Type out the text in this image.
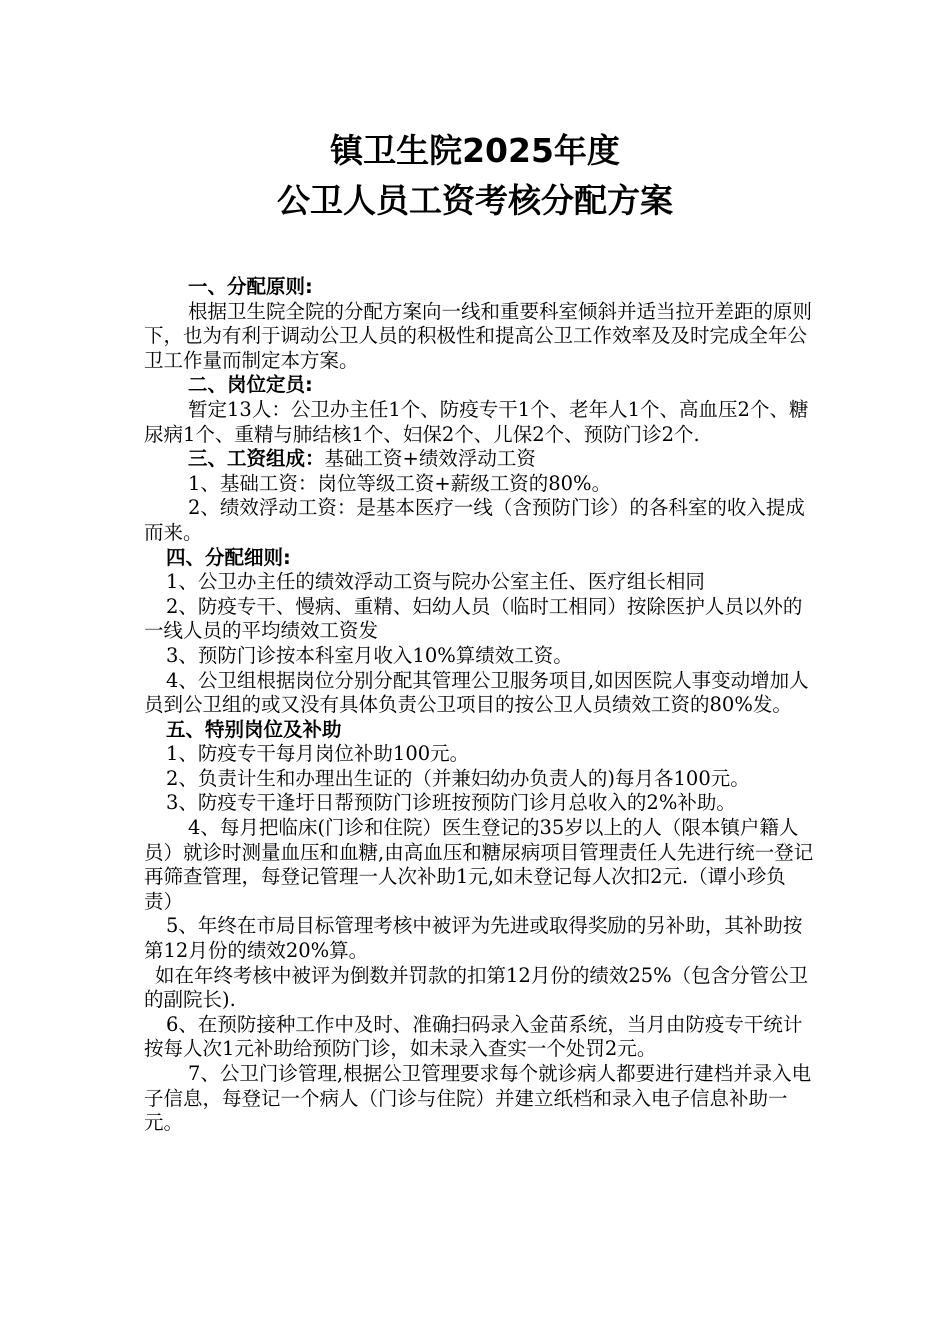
镇卫生院2025年度
公卫人员工资考核分配方案

一、分配原则:

根据卫生院全院的分配方案向一线和重要科室倾斜并适当拉开差距的原则下，也为有利于调动公卫人员的积极性和提高公卫工作效率及及时完成全年公卫工作量而制定本方案。

二、岗位定员:

暂定13人：公卫办主任1个、防疫专干1个、老年人1个、高血压2个、糖尿病1个、重精与肺结核1个、妇保2个、儿保2个、预防门诊2个.

三、工资组成：基础工资+绩效浮动工资

1、基础工资：岗位等级工资+薪级工资的80%。

2、绩效浮动工资：是基本医疗一线（含预防门诊）的各科室的收入提成而来。

四、分配细则:

1、公卫办主任的绩效浮动工资与院办公室主任、医疗组长相同

2、防疫专干、慢病、重精、妇幼人员（临时工相同）按除医护人员以外的一线人员的平均绩效工资发

3、预防门诊按本科室月收入10%算绩效工资。

4、公卫组根据岗位分别分配其管理公卫服务项目,如因医院人事变动增加人员到公卫组的或又没有具体负责公卫项目的按公卫人员绩效工资的80%发。

五、特别岗位及补助

1、防疫专干每月岗位补助100元。

2、负责计生和办理出生证的（并兼妇幼办负责人的)每月各100元。

3、防疫专干逢圩日帮预防门诊班按预防门诊月总收入的2%补助。

4、每月把临床(门诊和住院）医生登记的35岁以上的人（限本镇户籍人员）就诊时测量血压和血糖,由高血压和糖尿病项目管理责任人先进行统一登记再筛查管理，每登记管理一人次补助1元,如未登记每人次扣2元.（谭小珍负责）

5、年终在市局目标管理考核中被评为先进或取得奖励的另补助，其补助按第12月份的绩效20%算。

如在年终考核中被评为倒数并罚款的扣第12月份的绩效25%（包含分管公卫的副院长).

6、在预防接种工作中及时、准确扫码录入金苗系统，当月由防疫专干统计按每人次1元补助给预防门诊，如未录入查实一个处罚2元。

7、公卫门诊管理,根据公卫管理要求每个就诊病人都要进行建档并录入电子信息，每登记一个病人（门诊与住院）并建立纸档和录入电子信息补助一元。
